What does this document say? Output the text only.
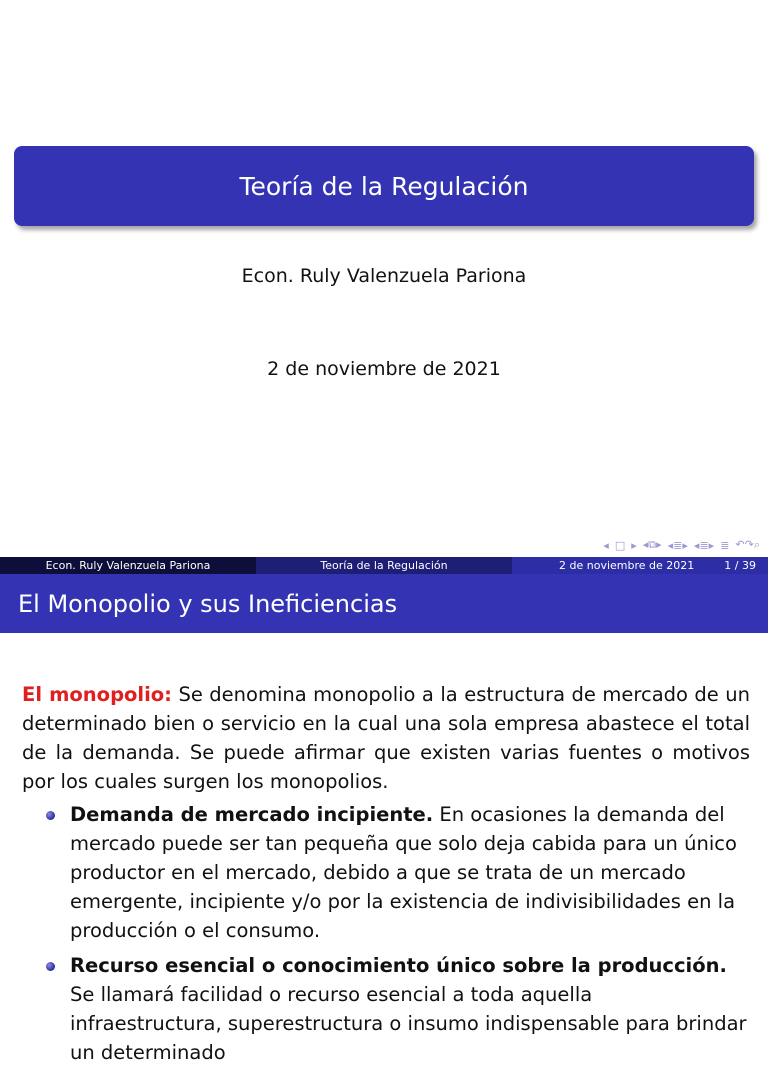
Teoría de la Regulación
Econ. Ruly Valenzuela Pariona
2 de noviembre de 2021
◂ □ ▸ ◂⧉▸ ◂≣▸ ◂≣▸ ≣ ↶↷⌕
Econ. Ruly Valenzuela Pariona	Teoría de la Regulación	2 de noviembre de 2021	1 / 39
El Monopolio y sus Ineficiencias

El monopolio: Se denomina monopolio a la estructura de mercado de un determinado bien o servicio en la cual una sola empresa abastece el total de la demanda. Se puede afirmar que existen varias fuentes o motivos por los cuales surgen los monopolios.

Demanda de mercado incipiente. En ocasiones la demanda del mercado puede ser tan pequeña que solo deja cabida para un único productor en el mercado, debido a que se trata de un mercado emergente, incipiente y/o por la existencia de indivisibilidades en la producción o el consumo.
Recurso esencial o conocimiento único sobre la producción. Se llamará facilidad o recurso esencial a toda aquella infraestructura, superestructura o insumo indispensable para brindar un determinado
